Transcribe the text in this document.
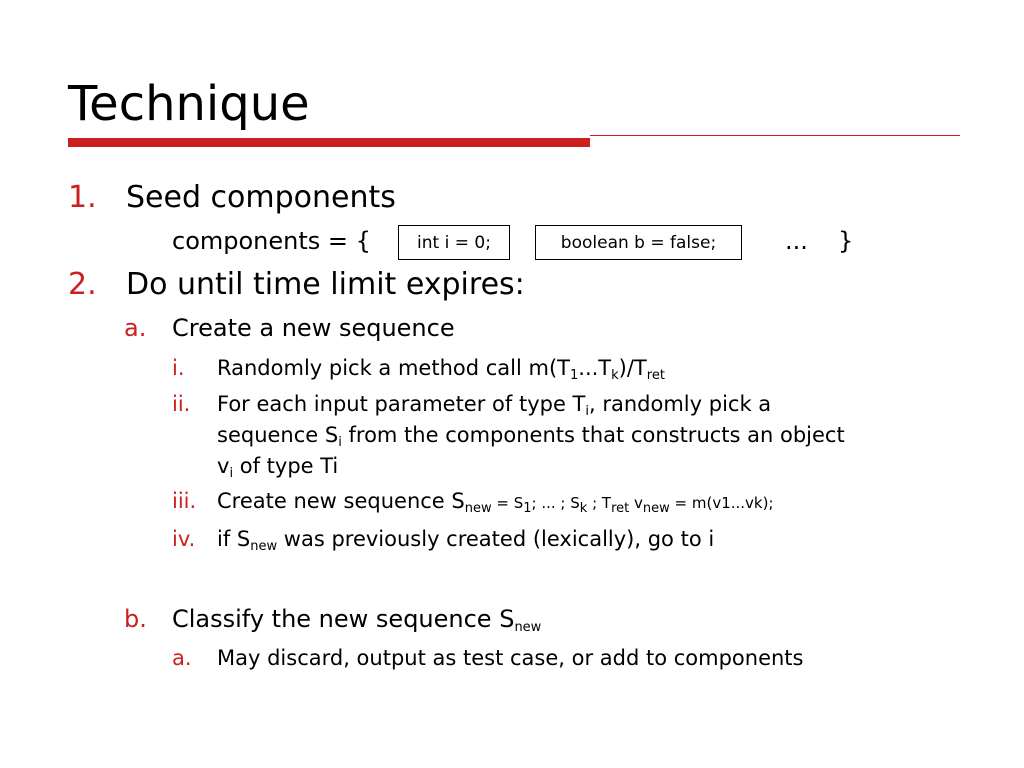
Technique
1. Seed components
components = {	int i = 0;	boolean b = false;	... }
2. Do until time limit expires:
a. Create a new sequence
i. Randomly pick a method call $m(T_1...T_k)/T_{ret}$
ii. For each input parameter of type $T_i$, randomly pick a
sequence $S_i$ from the components that constructs an object
$v_i$ of type Ti
iii. Create new sequence $S_{new} = S_1$; ... ; $S_k$ ; $T_{ret}$ $v_{new} = m(v1...vk)$;
iv. if $S_{new}$ was previously created (lexically), go to i
b. Classify the new sequence $S_{new}$
a. May discard, output as test case, or add to components
